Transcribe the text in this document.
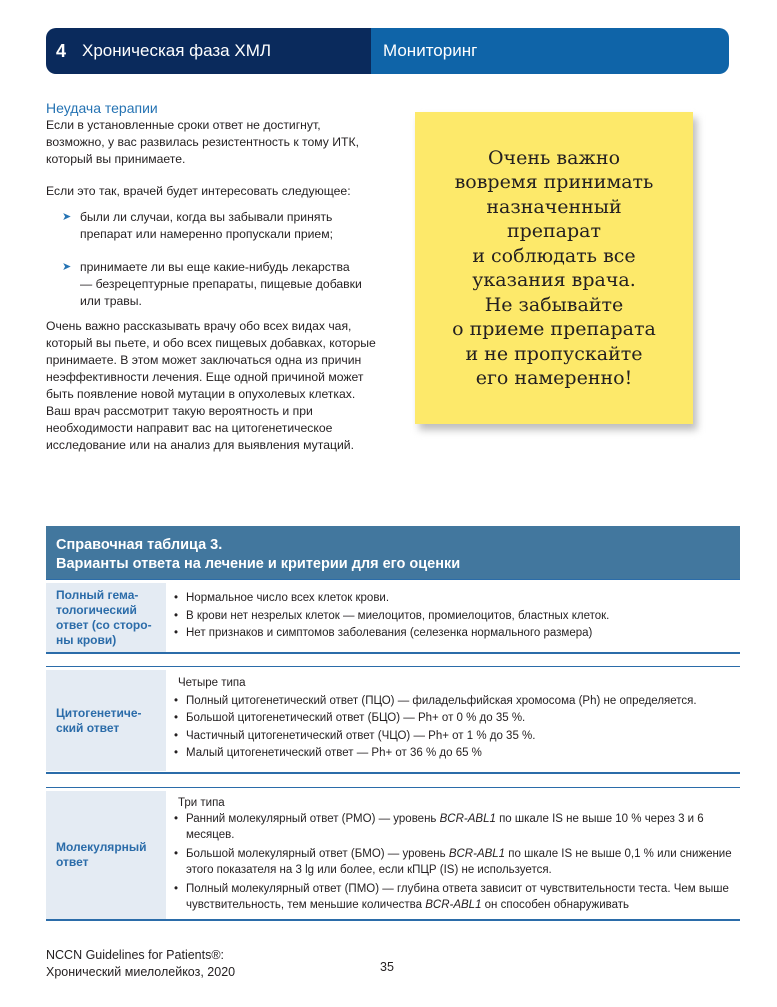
4 Хроническая фаза ХМЛ	Мониторинг
Неудача терапии
Если в установленные сроки ответ не достигнут, возможно, у вас развилась резистентность к тому ИТК, который вы принимаете.
Если это так, врачей будет интересовать следующее:
➤ были ли случаи, когда вы забывали принять препарат или намеренно пропускали прием;
➤ принимаете ли вы еще какие-нибудь лекарства — безрецептурные препараты, пищевые добавки или травы.
Очень важно рассказывать врачу обо всех видах чая, который вы пьете, и обо всех пищевых добавках, которые принимаете. В этом может заключаться одна из причин неэффективности лечения. Еще одной причиной может быть появление новой мутации в опухолевых клетках. Ваш врач рассмотрит такую вероятность и при необходимости направит вас на цитогенетическое исследование или на анализ для выявления мутаций.
Очень важно
вовремя принимать
назначенный
препарат
и соблюдать все
указания врача.
Не забывайте
о приеме препарата
и не пропускайте
его намеренно!
Справочная таблица 3.
Варианты ответа на лечение и критерии для его оценки
Полный гема-тологический ответ (со сторо-ны крови)
• Нормальное число всех клеток крови.
• В крови нет незрелых клеток — миелоцитов, промиелоцитов, бластных клеток.
• Нет признаков и симптомов заболевания (селезенка нормального размера)
Цитогенетиче-ский ответ
Четыре типа
• Полный цитогенетический ответ (ПЦО) — филадельфийская хромосома (Ph) не определяется.
• Большой цитогенетический ответ (БЦО) — Ph+ от 0 % до 35 %.
• Частичный цитогенетический ответ (ЧЦО) — Ph+ от 1 % до 35 %.
• Малый цитогенетический ответ — Ph+ от 36 % до 65 %
Молекулярный ответ
Три типа
• Ранний молекулярный ответ (РМО) — уровень BCR-ABL1 по шкале IS не выше 10 % через 3 и 6 месяцев.
• Большой молекулярный ответ (БМО) — уровень BCR-ABL1 по шкале IS не выше 0,1 % или снижение этого показателя на 3 lg или более, если кПЦР (IS) не используется.
• Полный молекулярный ответ (ПМО) — глубина ответа зависит от чувствительности теста. Чем выше чувствительность, тем меньшие количества BCR-ABL1 он способен обнаруживать
NCCN Guidelines for Patients®:
Хронический миелолейкоз, 2020	35
